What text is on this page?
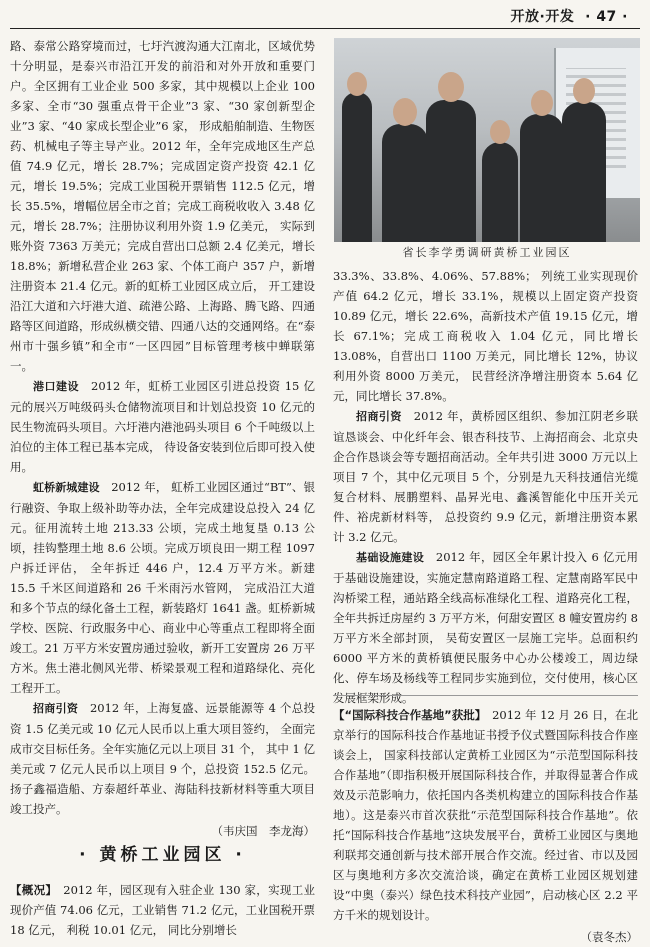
开放·开发 · 47 ·

路、泰常公路穿境而过，七圩汽渡沟通大江南北，区域优势十分明显，是泰兴市沿江开发的前沿和对外开放和重要门户。全区拥有工业企业 500 多家，其中规模以上企业 100 多家、全市“30 强重点骨干企业”3 家、“30 家创新型企业”3 家、“40 家成长型企业”6 家， 形成船舶制造、生物医药、机械电子等主导产业。2012 年，全年完成地区生产总值 74.9 亿元，增长 28.7%；完成固定资产投资 42.1 亿元，增长 19.5%；完成工业国税开票销售 112.5 亿元，增长 35.5%，增幅位居全市之首；完成工商税收收入 3.48 亿元，增长 28.7%；注册协议利用外资 1.9 亿美元， 实际到账外资 7363 万美元；完成自营出口总额 2.4 亿美元，增长 18.8%；新增私营企业 263 家、个体工商户 357 户，新增注册资本 21.4 亿元。新的虹桥工业园区成立后， 开工建设沿江大道和六圩港大道、疏港公路、上海路、腾飞路、四通路等区间道路，形成纵横交错、四通八达的交通网络。在“泰州市十强乡镇”和全市“一区四园”目标管理考核中蝉联第一。

港口建设　 2012 年，虹桥工业园区引进总投资 15 亿元的展兴万吨级码头仓储物流项目和计划总投资 10 亿元的民生物流码头项目。六圩港内港池码头项目 6 个千吨级以上泊位的主体工程已基本完成， 待设备安装到位后即可投入使用。

虹桥新城建设　 2012 年， 虹桥工业园区通过“BT”、银行融资、争取上级补助等办法，全年完成建设总投入 24 亿元。征用流转土地 213.33 公顷，完成土地复垦 0.13 公顷，挂钩整理土地 8.6 公顷。完成万顷良田一期工程 1097 户拆迁评估， 全年拆迁 446 户，12.4 万平方米。新建 15.5 千米区间道路和 26 千米雨污水管网， 完成沿江大道和多个节点的绿化备土工程，新装路灯 1641 盏。虹桥新城学校、医院、行政服务中心、商业中心等重点工程即将全面竣工。21 万平方米安置房通过验收，新开工安置房 26 万平方米。焦土港北侧风光带、桥梁景观工程和道路绿化、亮化工程开工。

招商引资　 2012 年，上海复盛、远景能源等 4 个总投资 1.5 亿美元或 10 亿元人民币以上重大项目签约， 全面完成市交目标任务。全年实施亿元以上项目 31 个， 其中 1 亿美元或 7 亿元人民币以上项目 9 个，总投资 152.5 亿元。扬子鑫福造船、方泰超纤革业、海陆科技新材料等重大项目竣工投产。

（韦庆国　李龙海）
· 黄桥工业园区 ·
【概况】　 2012 年，园区现有入驻企业 130 家，实现工业现价产值 74.06 亿元，工业销售 71.2 亿元，工业国税开票 18 亿元， 利税 10.01 亿元， 同比分别增长
省长李学勇调研黄桥工业园区

33.3%、33.8%、4.06%、57.88%； 列统工业实现现价产值 64.2 亿元，增长 33.1%，规模以上固定资产投资 10.89 亿元，增长 22.6%，高新技术产值 19.15 亿元，增长 67.1%；完成工商税收入 1.04 亿元，同比增长 13.08%，自营出口 1100 万美元，同比增长 12%，协议利用外资 8000 万美元， 民营经济净增注册资本 5.64 亿元，同比增长 37.8%。

招商引资　 2012 年，黄桥园区组织、参加江阴老乡联谊恳谈会、中化纤年会、银杏科技节、上海招商会、北京央企合作恳谈会等专题招商活动。全年共引进 3000 万元以上项目 7 个，其中亿元项目 5 个，分别是九天科技通信光缆复合材料、展鹏塑料、晶昇光电、鑫溪智能化中压开关元件、裕虎新材料等， 总投资约 9.9 亿元，新增注册资本累计 3.2 亿元。

基础设施建设　 2012 年，园区全年累计投入 6 亿元用于基础设施建设，实施定慧南路道路工程、定慧南路军民中沟桥梁工程，通站路全线高标准绿化工程、道路亮化工程，全年共拆迁房屋约 3 万平方米，何甜安置区 8 幢安置房约 8 万平方米全部封顶， 吴荀安置区一层施工完毕。总面积约 6000 平方米的黄桥镇便民服务中心办公楼竣工，周边绿化、停车场及杨线等工程同步实施到位，交付使用，核心区发展框架形成。

【“国际科技合作基地”获批】　 2012 年 12 月 26 日，在北京举行的国际科技合作基地证书授予仪式暨国际科技合作座谈会上， 国家科技部认定黄桥工业园区为“示范型国际科技合作基地”（即指积极开展国际科技合作，并取得显著合作成效及示范影响力，依托国内各类机构建立的国际科技合作基地）。这是泰兴市首次获批“示范型国际科技合作基地”。依托“国际科技合作基地”这块发展平台，黄桥工业园区与奥地利联邦交通创新与技术部开展合作交流。经过省、市以及园区与奥地利方多次交流洽谈，确定在黄桥工业园区规划建设“中奥（泰兴）绿色技术科技产业园”，启动核心区 2.2 平方千米的规划设计。

（袁冬杰）
